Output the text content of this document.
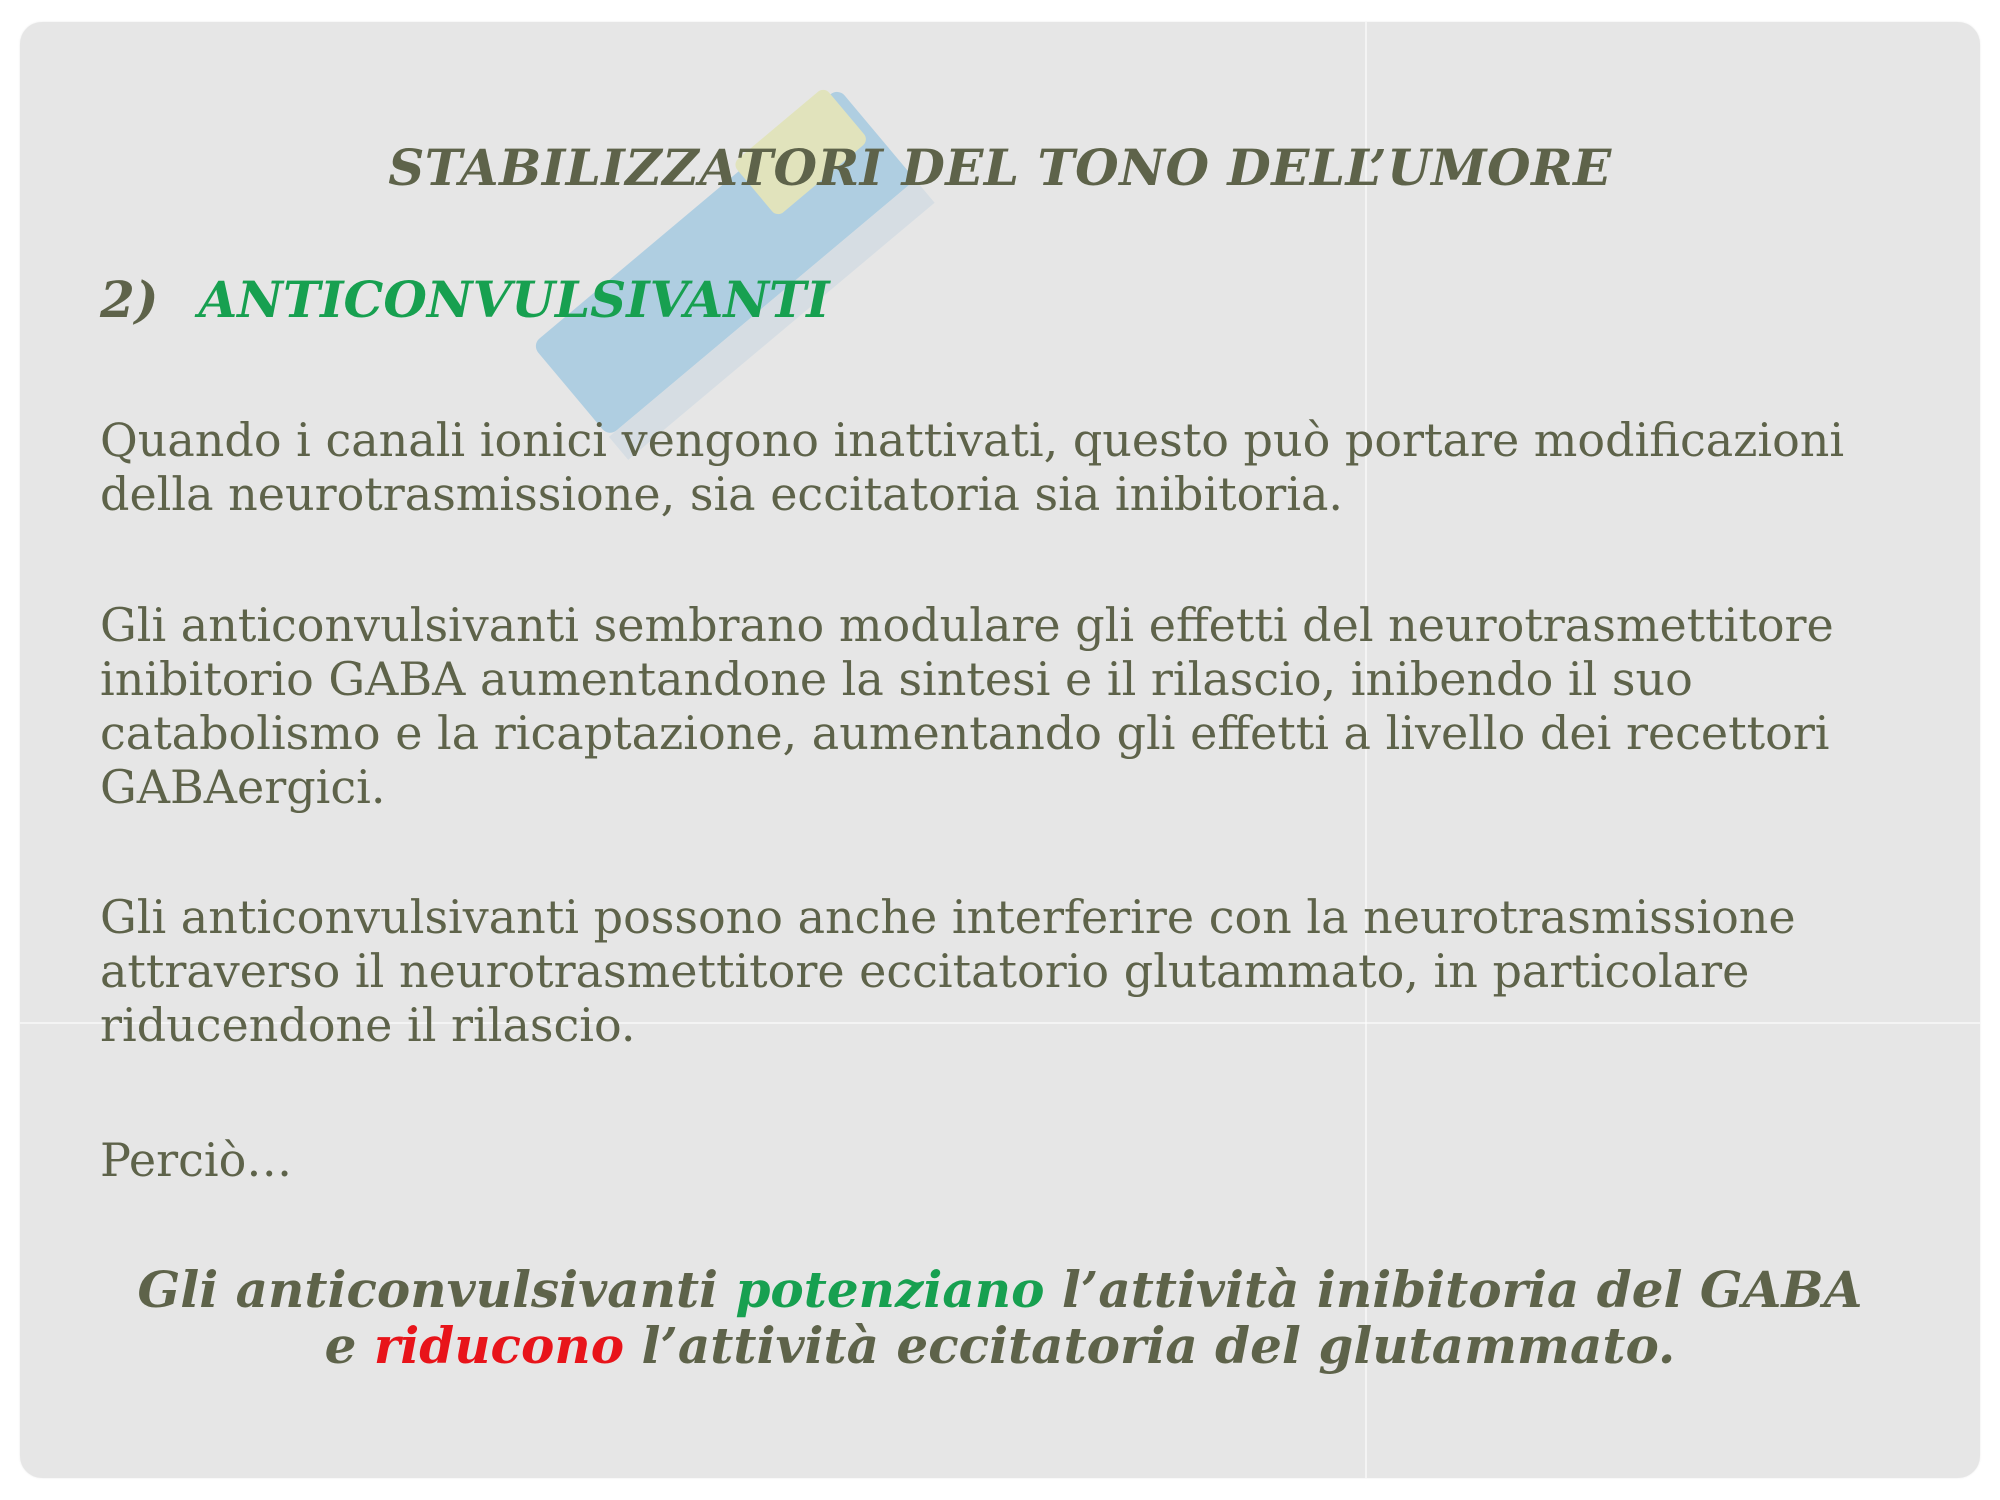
STABILIZZATORI DEL TONO DELL’UMORE
2) ANTICONVULSIVANTI
Quando i canali ionici vengono inattivati, questo può portare modificazioni della neurotrasmissione, sia eccitatoria sia inibitoria.
Gli anticonvulsivanti sembrano modulare gli effetti del neurotrasmettitore inibitorio GABA aumentandone la sintesi e il rilascio, inibendo il suo catabolismo e la ricaptazione, aumentando gli effetti a livello dei recettori GABAergici.
Gli anticonvulsivanti possono anche interferire con la neurotrasmissione attraverso il neurotrasmettitore eccitatorio glutammato, in particolare riducendone il rilascio.
Perciò…
Gli anticonvulsivanti potenziano l’attività inibitoria del GABA
e riducono l’attività eccitatoria del glutammato.
